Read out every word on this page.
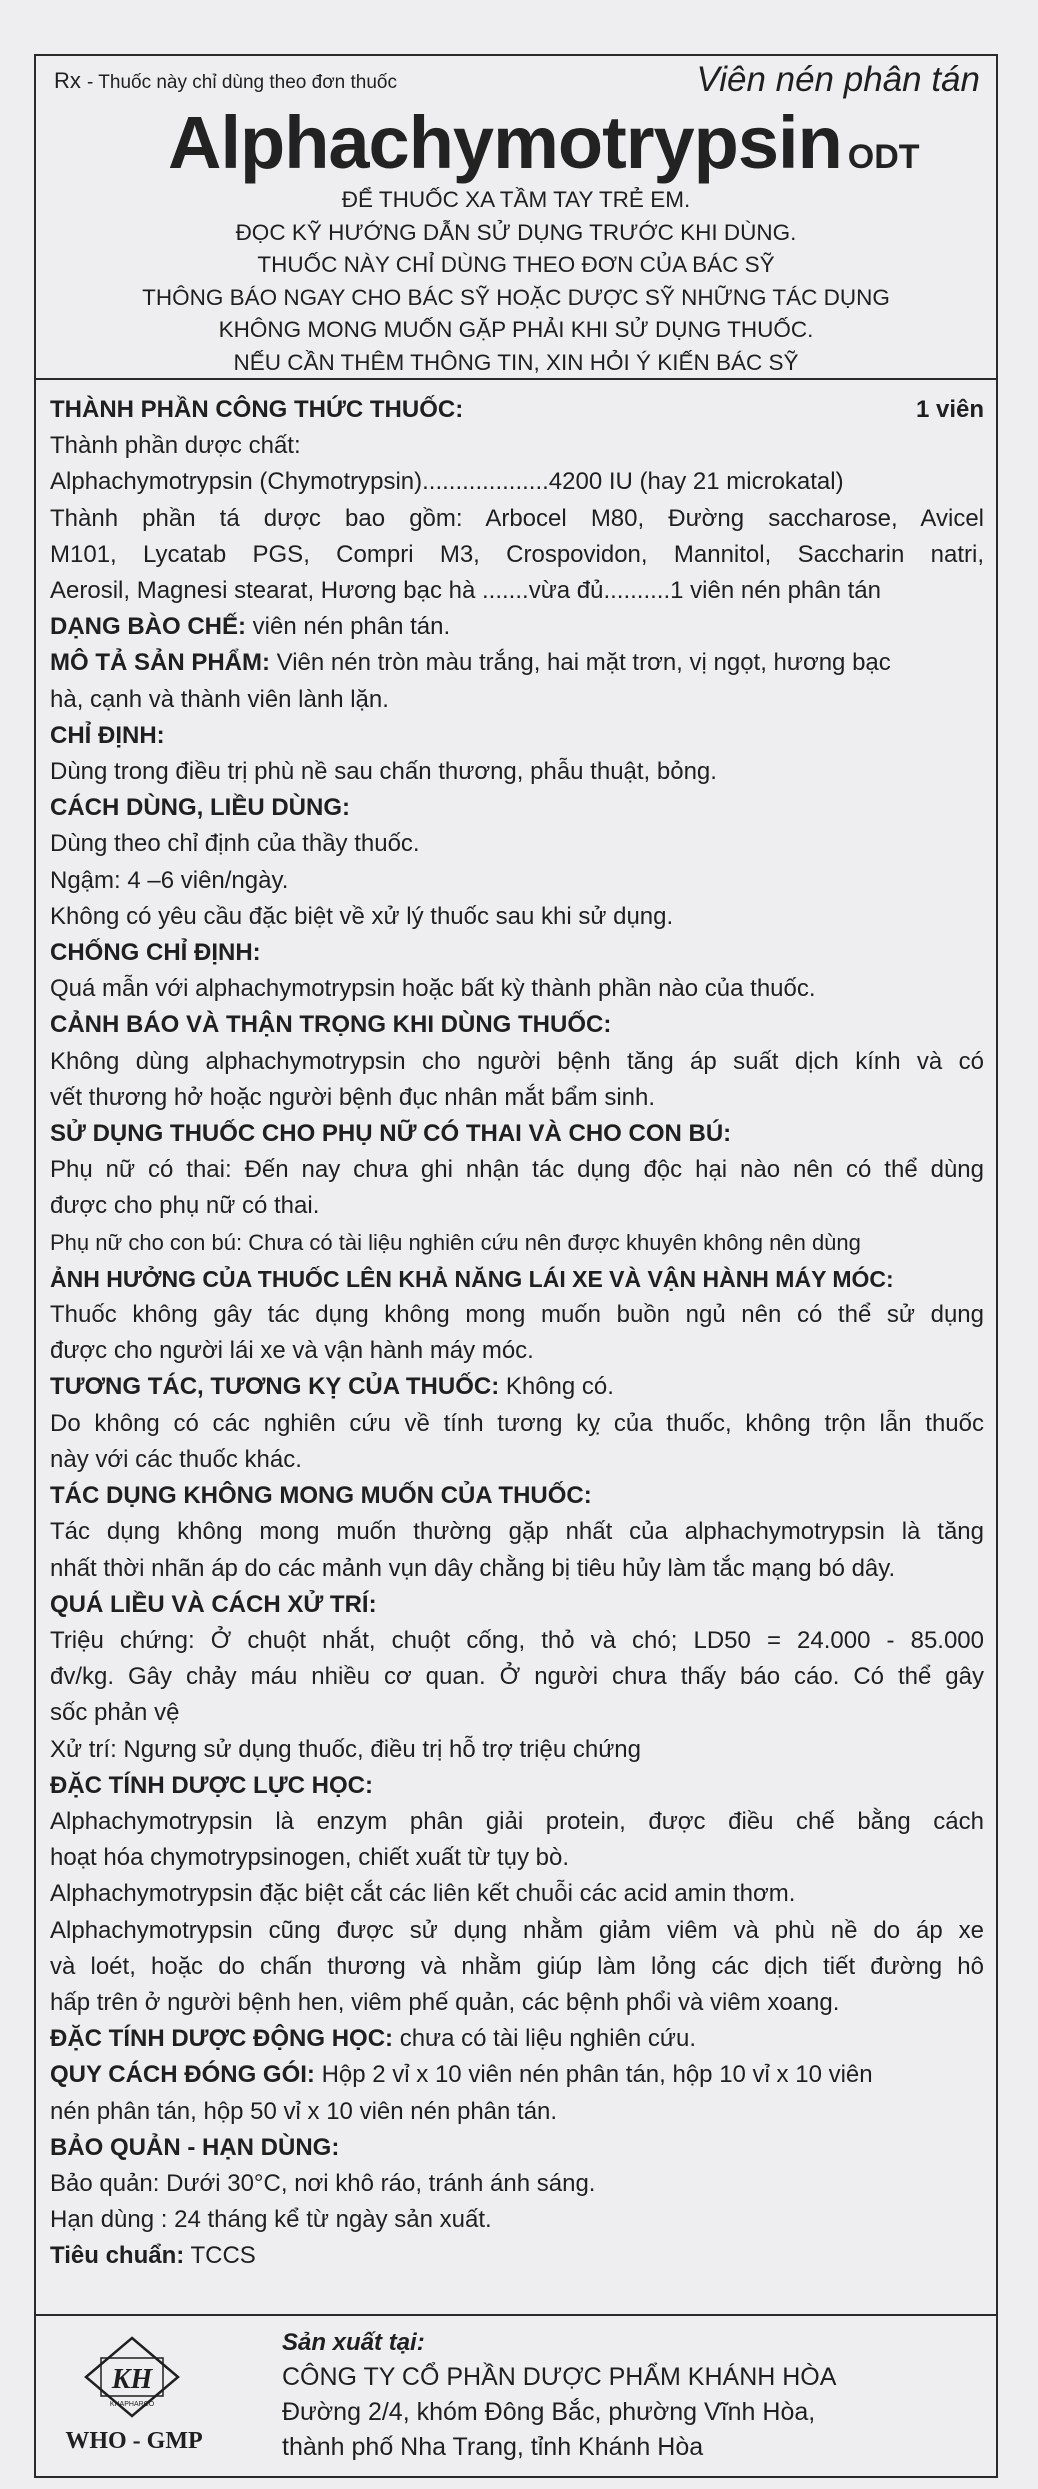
Rx - Thuốc này chỉ dùng theo đơn thuốc	Viên nén phân tán
Alphachymotrypsin ODT
ĐỂ THUỐC XA TẦM TAY TRẺ EM.
ĐỌC KỸ HƯỚNG DẪN SỬ DỤNG TRƯỚC KHI DÙNG.
THUỐC NÀY CHỈ DÙNG THEO ĐƠN CỦA BÁC SỸ
THÔNG BÁO NGAY CHO BÁC SỸ HOẶC DƯỢC SỸ NHỮNG TÁC DỤNG
KHÔNG MONG MUỐN GẶP PHẢI KHI SỬ DỤNG THUỐC.
NẾU CẦN THÊM THÔNG TIN, XIN HỎI Ý KIẾN BÁC SỸ
THÀNH PHẦN CÔNG THỨC THUỐC:	1 viên
Thành phần dược chất:
Alphachymotrypsin (Chymotrypsin)...................4200 IU (hay 21 microkatal)
Thành phần tá dược bao gồm: Arbocel M80, Đường saccharose, Avicel
M101, Lycatab PGS, Compri M3, Crospovidon, Mannitol, Saccharin natri,
Aerosil, Magnesi stearat, Hương bạc hà .......vừa đủ..........1 viên nén phân tán
DẠNG BÀO CHẾ: viên nén phân tán.
MÔ TẢ SẢN PHẨM: Viên nén tròn màu trắng, hai mặt trơn, vị ngọt, hương bạc
hà, cạnh và thành viên lành lặn.
CHỈ ĐỊNH:
Dùng trong điều trị phù nề sau chấn thương, phẫu thuật, bỏng.
CÁCH DÙNG, LIỀU DÙNG:
Dùng theo chỉ định của thầy thuốc.
Ngậm: 4 –6 viên/ngày.
Không có yêu cầu đặc biệt về xử lý thuốc sau khi sử dụng.
CHỐNG CHỈ ĐỊNH:
Quá mẫn với alphachymotrypsin hoặc bất kỳ thành phần nào của thuốc.
CẢNH BÁO VÀ THẬN TRỌNG KHI DÙNG THUỐC:
Không dùng alphachymotrypsin cho người bệnh tăng áp suất dịch kính và có
vết thương hở hoặc người bệnh đục nhân mắt bẩm sinh.
SỬ DỤNG THUỐC CHO PHỤ NỮ CÓ THAI VÀ CHO CON BÚ:
Phụ nữ có thai: Đến nay chưa ghi nhận tác dụng độc hại nào nên có thể dùng
được cho phụ nữ có thai.
Phụ nữ cho con bú: Chưa có tài liệu nghiên cứu nên được khuyên không nên dùng
ẢNH HƯỞNG CỦA THUỐC LÊN KHẢ NĂNG LÁI XE VÀ VẬN HÀNH MÁY MÓC:
Thuốc không gây tác dụng không mong muốn buồn ngủ nên có thể sử dụng
được cho người lái xe và vận hành máy móc.
TƯƠNG TÁC, TƯƠNG KỴ CỦA THUỐC: Không có.
Do không có các nghiên cứu về tính tương kỵ của thuốc, không trộn lẫn thuốc
này với các thuốc khác.
TÁC DỤNG KHÔNG MONG MUỐN CỦA THUỐC:
Tác dụng không mong muốn thường gặp nhất của alphachymotrypsin là tăng
nhất thời nhãn áp do các mảnh vụn dây chằng bị tiêu hủy làm tắc mạng bó dây.
QUÁ LIỀU VÀ CÁCH XỬ TRÍ:
Triệu chứng: Ở chuột nhắt, chuột cống, thỏ và chó; LD50 = 24.000 - 85.000
đv/kg. Gây chảy máu nhiều cơ quan. Ở người chưa thấy báo cáo. Có thể gây
sốc phản vệ
Xử trí: Ngưng sử dụng thuốc, điều trị hỗ trợ triệu chứng
ĐẶC TÍNH DƯỢC LỰC HỌC:
Alphachymotrypsin là enzym phân giải protein, được điều chế bằng cách
hoạt hóa chymotrypsinogen, chiết xuất từ tụy bò.
Alphachymotrypsin đặc biệt cắt các liên kết chuỗi các acid amin thơm.
Alphachymotrypsin cũng được sử dụng nhằm giảm viêm và phù nề do áp xe
và loét, hoặc do chấn thương và nhằm giúp làm lỏng các dịch tiết đường hô
hấp trên ở người bệnh hen, viêm phế quản, các bệnh phổi và viêm xoang.
ĐẶC TÍNH DƯỢC ĐỘNG HỌC: chưa có tài liệu nghiên cứu.
QUY CÁCH ĐÓNG GÓI: Hộp 2 vỉ x 10 viên nén phân tán, hộp 10 vỉ x 10 viên
nén phân tán, hộp 50 vỉ x 10 viên nén phân tán.
BẢO QUẢN - HẠN DÙNG:
Bảo quản: Dưới 30°C, nơi khô ráo, tránh ánh sáng.
Hạn dùng : 24 tháng kể từ ngày sản xuất.
Tiêu chuẩn: TCCS
KH
KHAPHARCO
WHO - GMP
Sản xuất tại:
CÔNG TY CỔ PHẦN DƯỢC PHẨM KHÁNH HÒA
Đường 2/4, khóm Đông Bắc, phường Vĩnh Hòa,
thành phố Nha Trang, tỉnh Khánh Hòa
